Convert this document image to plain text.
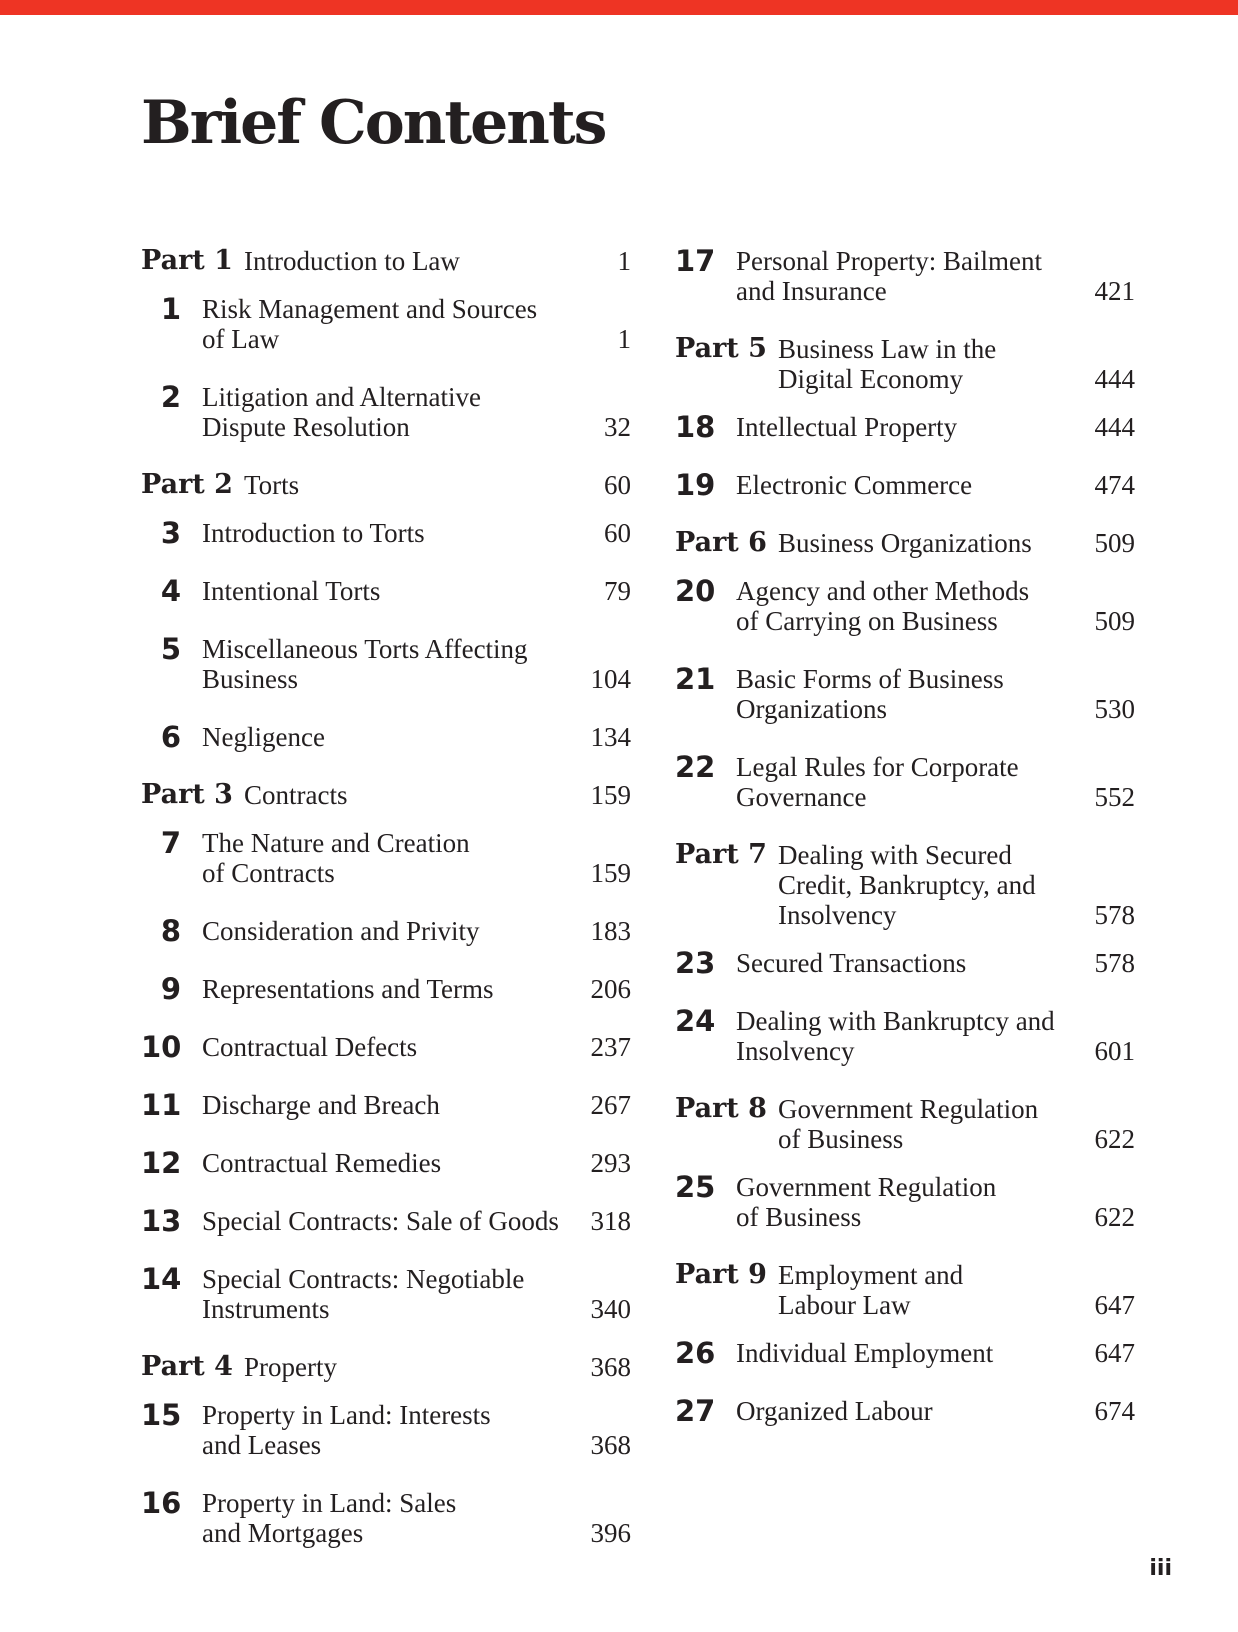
Brief Contents
Part 1 Introduction to Law	1
1 Risk Management and Sources
of Law	1
2 Litigation and Alternative
Dispute Resolution	32
Part 2 Torts	60
3 Introduction to Torts	60
4 Intentional Torts	79
5 Miscellaneous Torts Affecting
Business	104
6 Negligence	134
Part 3 Contracts	159
7 The Nature and Creation
of Contracts	159
8 Consideration and Privity	183
9 Representations and Terms	206
10 Contractual Defects	237
11 Discharge and Breach	267
12 Contractual Remedies	293
13 Special Contracts: Sale of Goods	318
14 Special Contracts: Negotiable
Instruments	340
Part 4 Property	368
15 Property in Land: Interests
and Leases	368
16 Property in Land: Sales
and Mortgages	396
17 Personal Property: Bailment
and Insurance	421
Part 5 Business Law in the
Digital Economy	444
18 Intellectual Property	444
19 Electronic Commerce	474
Part 6 Business Organizations	509
20 Agency and other Methods
of Carrying on Business	509
21 Basic Forms of Business
Organizations	530
22 Legal Rules for Corporate
Governance	552
Part 7 Dealing with Secured
Credit, Bankruptcy, and
Insolvency	578
23 Secured Transactions	578
24 Dealing with Bankruptcy and
Insolvency	601
Part 8 Government Regulation
of Business	622
25 Government Regulation
of Business	622
Part 9 Employment and
Labour Law	647
26 Individual Employment	647
27 Organized Labour	674
iii
